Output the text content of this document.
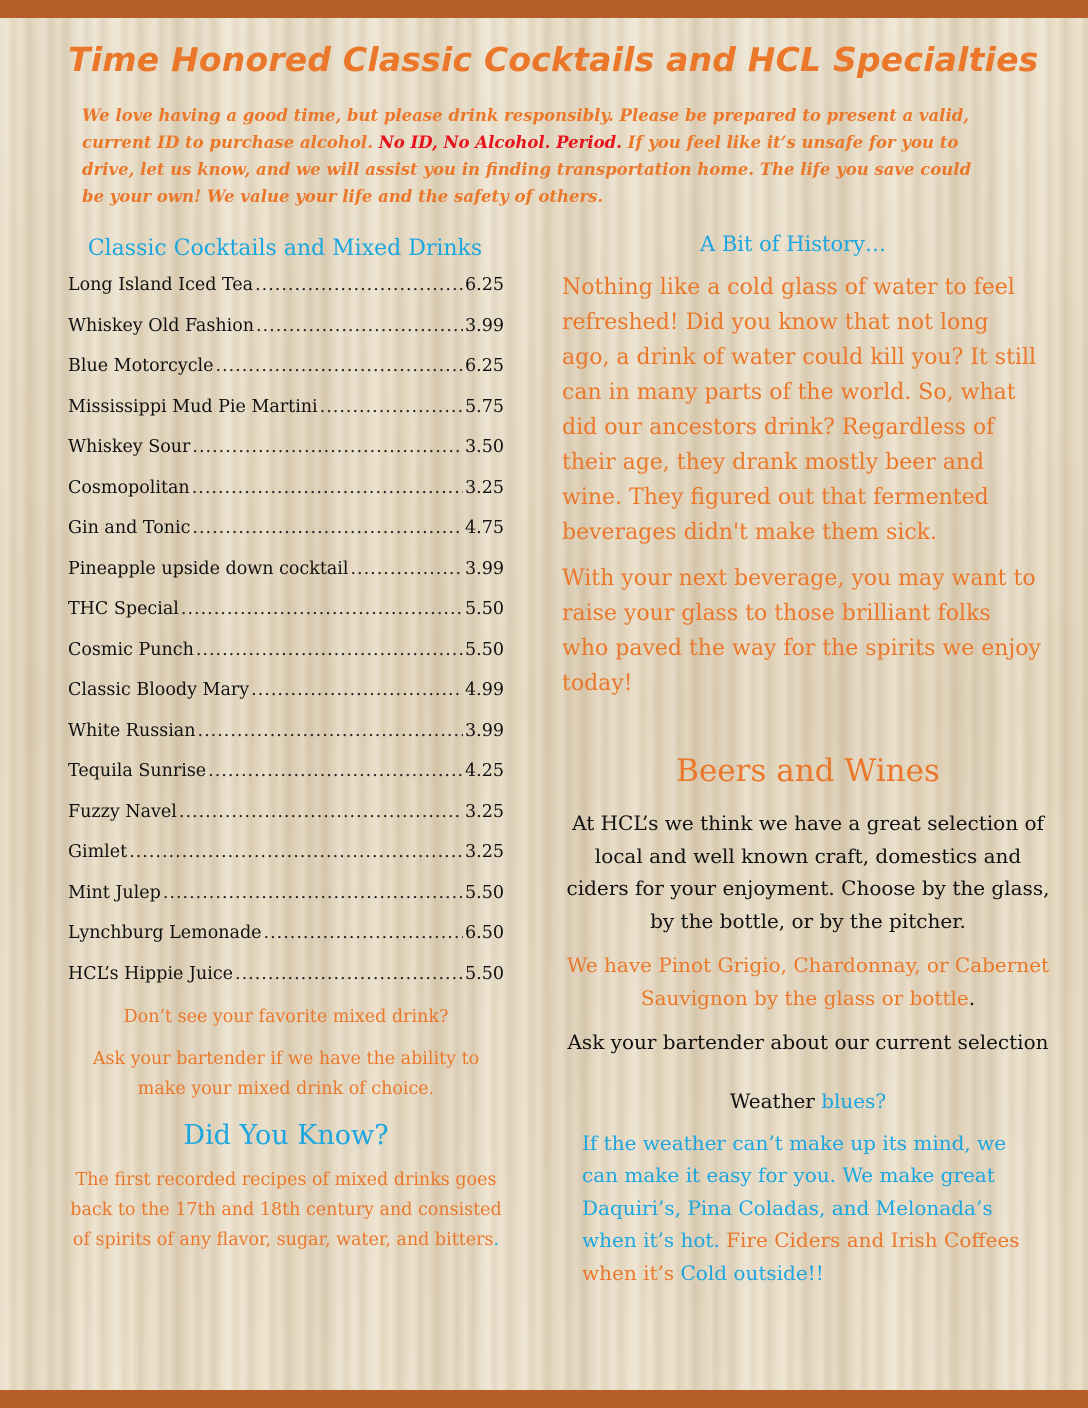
Time Honored Classic Cocktails and HCL Specialties

We love having a good time, but please drink responsibly. Please be prepared to present a valid, current ID to purchase alcohol. No ID, No Alcohol. Period. If you feel like it’s unsafe for you to drive, let us know, and we will assist you in finding transportation home. The life you save could be your own! We value your life and the safety of others.

Classic Cocktails and Mixed Drinks
Long Island Iced Tea .....	6.25
Whiskey Old Fashion .....	3.99
Blue Motorcycle .....	6.25
Mississippi Mud Pie Martini .....	5.75
Whiskey Sour .....	3.50
Cosmopolitan .....	3.25
Gin and Tonic .....	4.75
Pineapple upside down cocktail .....	3.99
THC Special .....	5.50
Cosmic Punch .....	5.50
Classic Bloody Mary .....	4.99
White Russian .....	3.99
Tequila Sunrise .....	4.25
Fuzzy Navel .....	3.25
Gimlet .....	3.25
Mint Julep .....	5.50
Lynchburg Lemonade .....	6.50
HCL’s Hippie Juice .....	5.50

Don’t see your favorite mixed drink?

Ask your bartender if we have the ability to make your mixed drink of choice.

Did You Know?

The first recorded recipes of mixed drinks goes back to the 17th and 18th century and consisted of spirits of any flavor, sugar, water, and bitters.

A Bit of History…

Nothing like a cold glass of water to feel refreshed! Did you know that not long ago, a drink of water could kill you? It still can in many parts of the world. So, what did our ancestors drink? Regardless of their age, they drank mostly beer and wine. They figured out that fermented beverages didn't make them sick.

With your next beverage, you may want to raise your glass to those brilliant folks who paved the way for the spirits we enjoy today!

Beers and Wines

At HCL’s we think we have a great selection of local and well known craft, domestics and ciders for your enjoyment. Choose by the glass, by the bottle, or by the pitcher.

We have Pinot Grigio, Chardonnay, or Cabernet Sauvignon by the glass or bottle.

Ask your bartender about our current selection

Weather blues?

If the weather can’t make up its mind, we can make it easy for you. We make great Daquiri’s, Pina Coladas, and Melonada’s when it’s hot. Fire Ciders and Irish Coffees when it’s Cold outside!!
